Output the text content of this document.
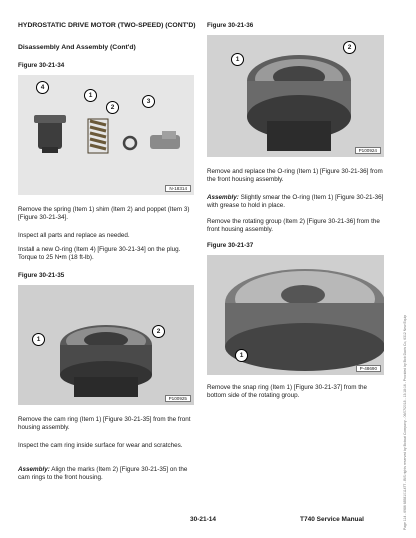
HYDROSTATIC DRIVE MOTOR (TWO-SPEED) (CONT'D)

Disassembly And Assembly (Cont'd)

Figure 30-21-34

4
1
2
3
N-18314

Remove the spring (Item 1) shim (Item 2) and poppet (Item 3) [Figure 30-21-34].

Inspect all parts and replace as needed.

Install a new O-ring (Item 4) [Figure 30-21-34] on the plug. Torque to 25 N•m (18 ft-lb).

Figure 30-21-35

1
2
P100925

Remove the cam ring (Item 1) [Figure 30-21-35] from the front housing assembly.

Inspect the cam ring inside surface for wear and scratches.

Assembly: Align the marks (Item 2) [Figure 30-21-35] on the cam rings to the front housing.

Figure 30-21-36

2
1
P100924

Remove and replace the O-ring (Item 1) [Figure 30-21-36] from the front housing assembly.

Assembly: Slightly smear the O-ring (Item 1) [Figure 30-21-36] with grease to hold in place.

Remove the rotating group (Item 2) [Figure 30-21-36] from the front housing assembly.

Figure 30-21-37

1
P-48690

Remove the snap ring (Item 1) [Figure 30-21-37] from the bottom side of the rotating group.

30-21-14	T740 Service Manual	Page 114 - 6986 68581011477 - BIS rights reserved by Bobcat Company - 06/07/2018 - 13:18:16 - Provided by Bob Davis Co, 6312 New Equip
